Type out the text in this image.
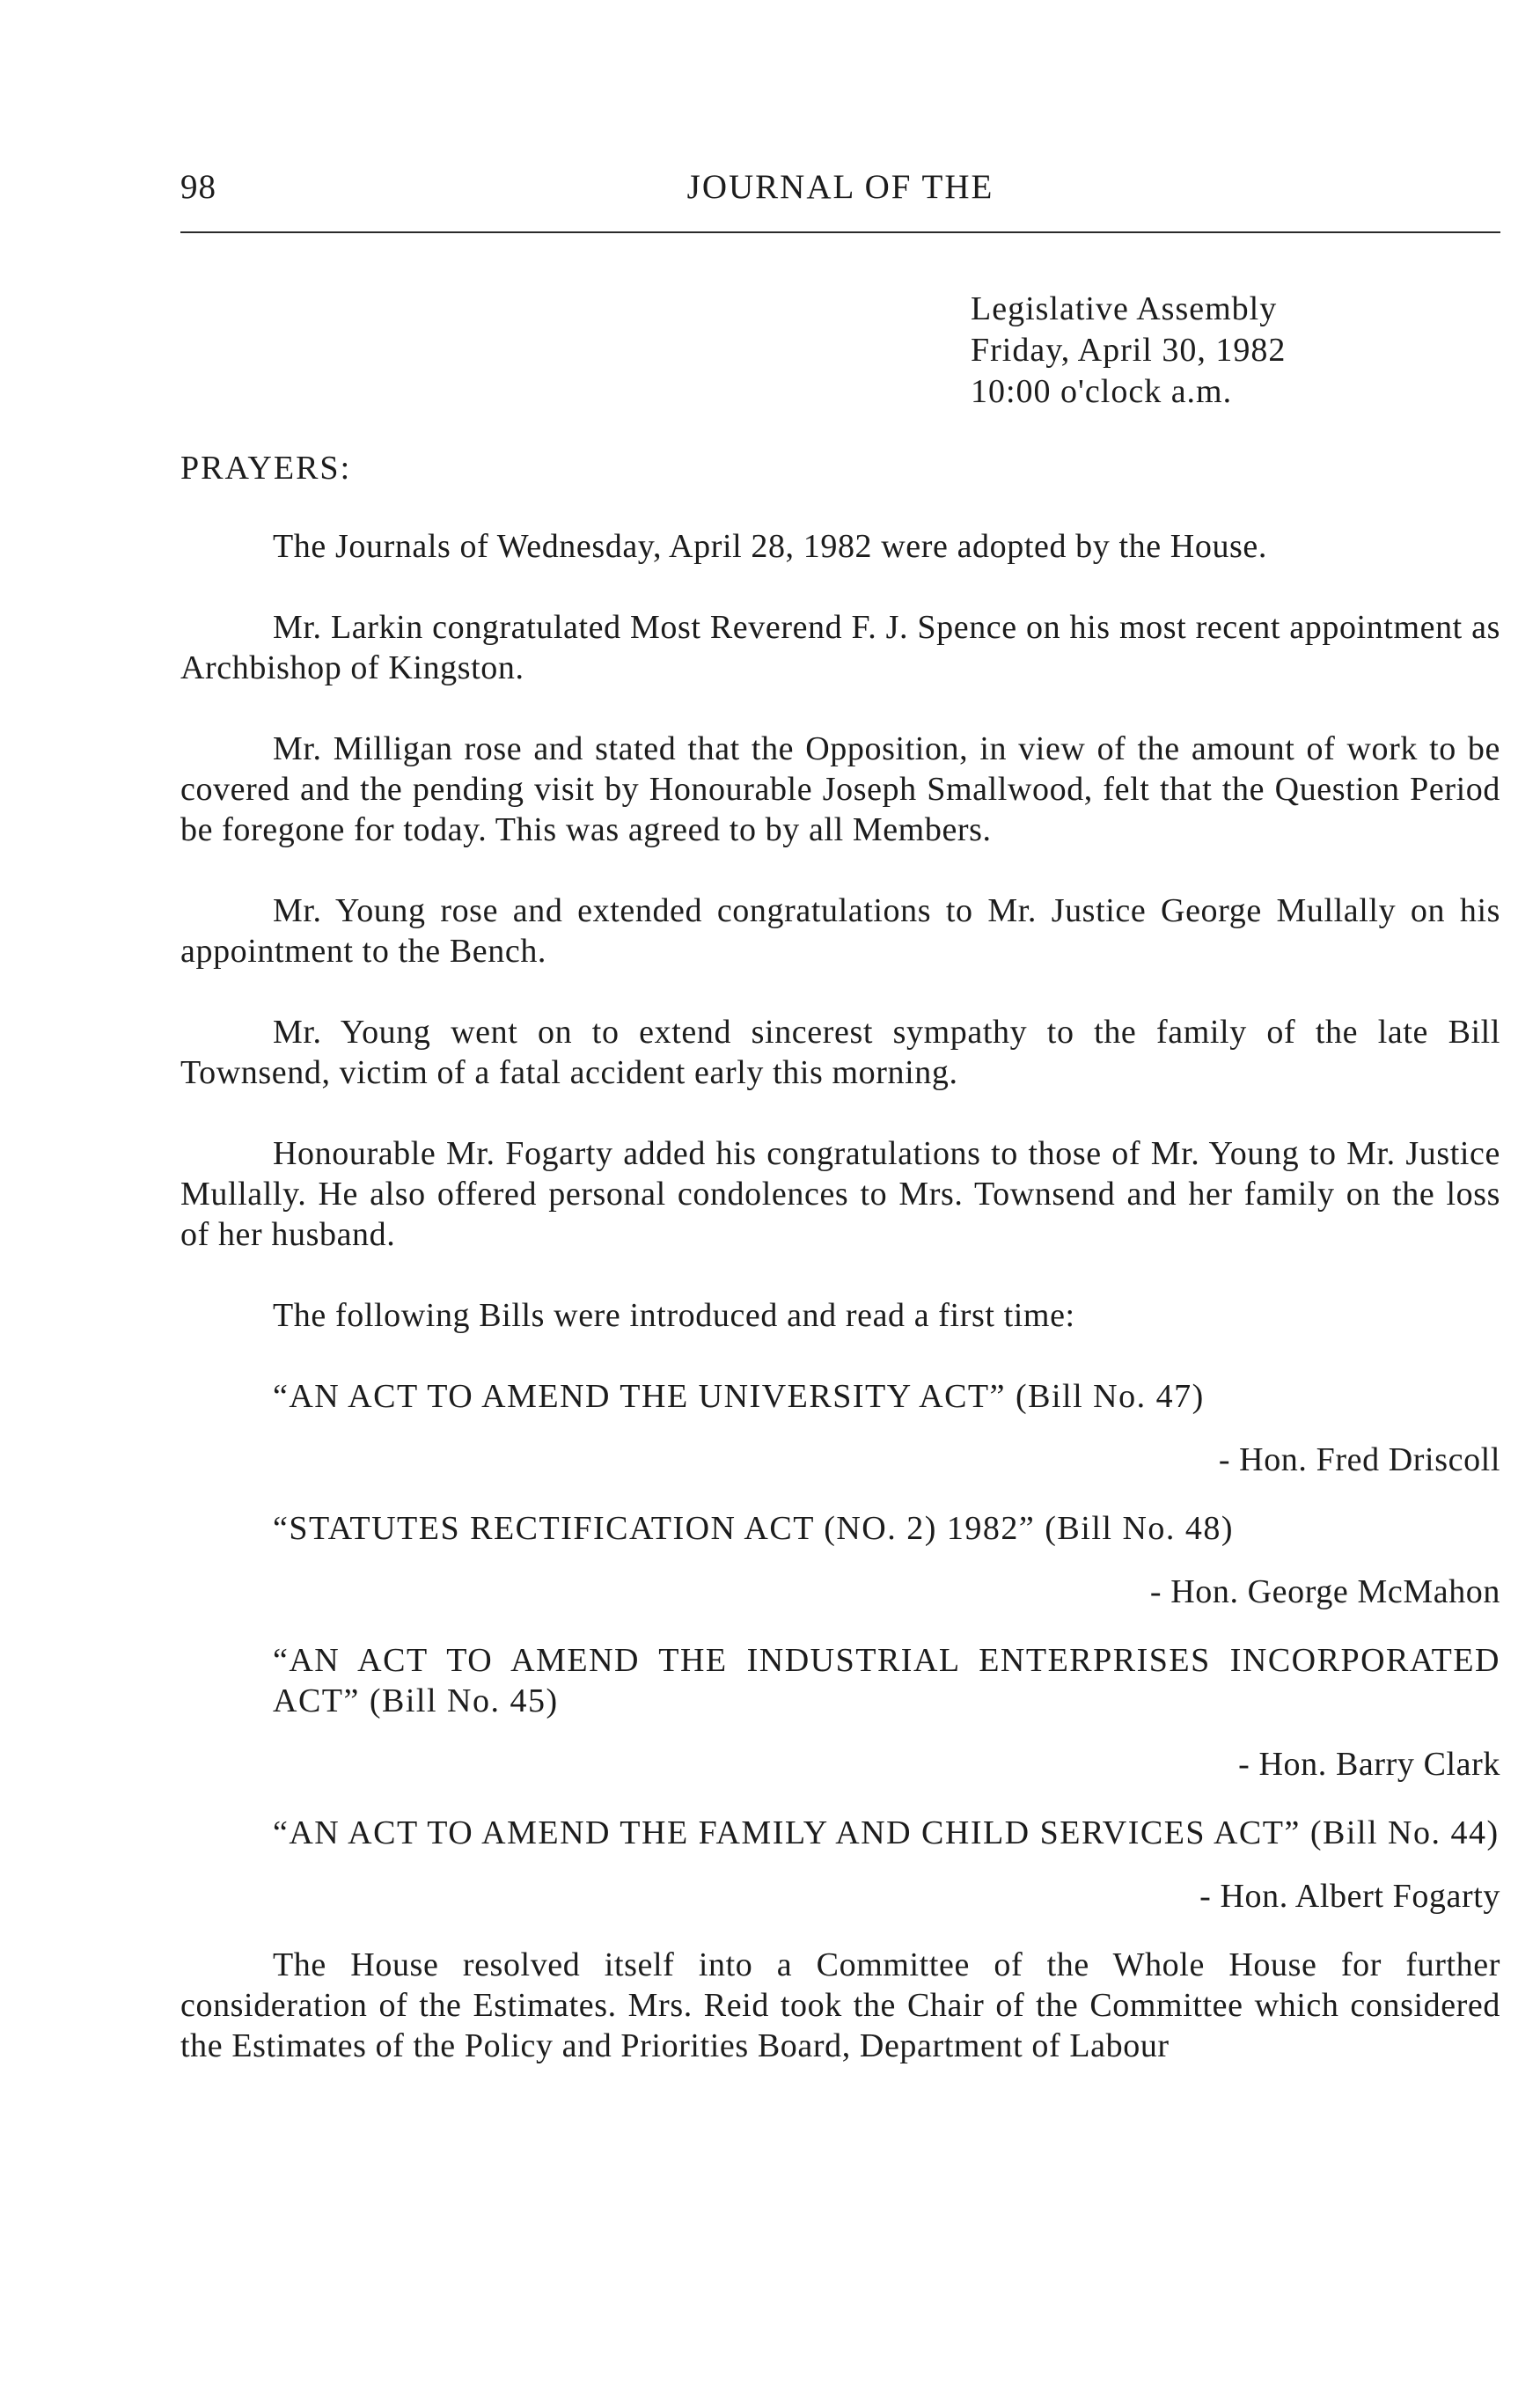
98	JOURNAL OF THE
Legislative Assembly
Friday, April 30, 1982
10:00 o'clock a.m.
PRAYERS:

The Journals of Wednesday, April 28, 1982 were adopted by the House.

Mr. Larkin congratulated Most Reverend F. J. Spence on his most recent appointment as Archbishop of Kingston.

Mr. Milligan rose and stated that the Opposition, in view of the amount of work to be covered and the pending visit by Honourable Joseph Smallwood, felt that the Question Period be foregone for today. This was agreed to by all Members.

Mr. Young rose and extended congratulations to Mr. Justice George Mullally on his appointment to the Bench.

Mr. Young went on to extend sincerest sympathy to the family of the late Bill Townsend, victim of a fatal accident early this morning.

Honourable Mr. Fogarty added his congratulations to those of Mr. Young to Mr. Justice Mullally. He also offered personal condolences to Mrs. Townsend and her family on the loss of her husband.

The following Bills were introduced and read a first time:

“AN ACT TO AMEND THE UNIVERSITY ACT” (Bill No. 47)

- Hon. Fred Driscoll

“STATUTES RECTIFICATION ACT (NO. 2) 1982” (Bill No. 48)

- Hon. George McMahon

“AN ACT TO AMEND THE INDUSTRIAL ENTERPRISES INCORPORATED ACT” (Bill No. 45)

- Hon. Barry Clark

“AN ACT TO AMEND THE FAMILY AND CHILD SERVICES ACT” (Bill No. 44)

- Hon. Albert Fogarty

The House resolved itself into a Committee of the Whole House for further consideration of the Estimates. Mrs. Reid took the Chair of the Committee which considered the Estimates of the Policy and Priorities Board, Department of Labour
